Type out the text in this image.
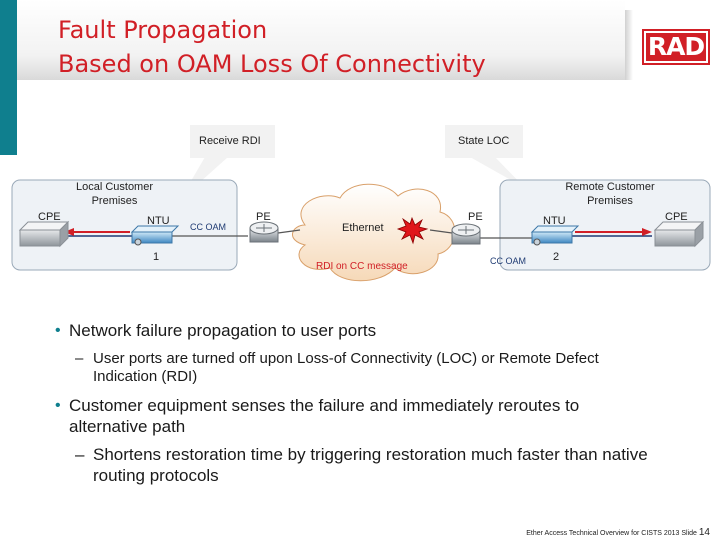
Fault Propagation
Based on OAM Loss Of Connectivity
RAD
Receive RDI	State LOC
Local Customer
Premises
Remote Customer
Premises
CPE	CPE
NTU	NTU
1	2
PE	PE
CC OAM
CC OAM
Ethernet
RDI on CC message
• Network failure propagation to user ports
– User ports are turned off upon Loss-of Connectivity (LOC) or Remote Defect Indication (RDI)
• Customer equipment senses the failure and immediately reroutes to alternative path
– Shortens restoration time by triggering restoration much faster than native routing protocols
Ether Access Technical Overview for CISTS 2013 Slide 14
